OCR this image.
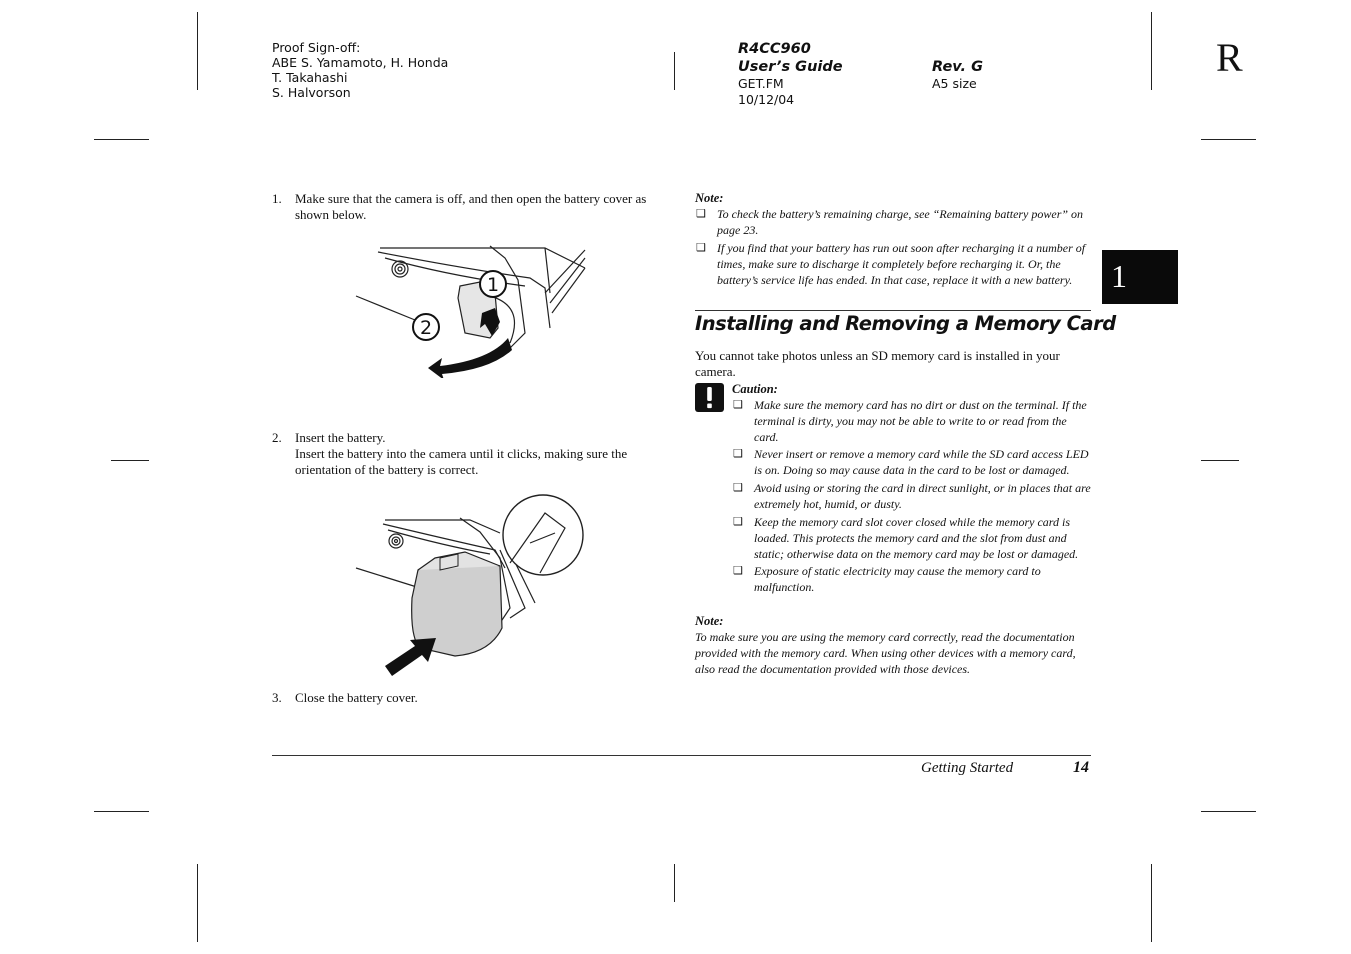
Proof Sign-off:
ABE S. Yamamoto, H. Honda
T. Takahashi
S. Halvorson
R4CC960
User’s Guide
GET.FM
10/12/04
Rev. G
A5 size
R
1
1. Make sure that the camera is off, and then open the battery cover as shown below.
1
2
2. Insert the battery.
Insert the battery into the camera until it clicks, making sure the orientation of the battery is correct.
3. Close the battery cover.
Note:
❑ To check the battery’s remaining charge, see “Remaining battery power” on page 23.
❑ If you find that your battery has run out soon after recharging it a number of times, make sure to discharge it completely before recharging it. Or, the battery’s service life has ended. In that case, replace it with a new battery.
Installing and Removing a Memory Card
You cannot take photos unless an SD memory card is installed in your camera.
Caution:
❑ Make sure the memory card has no dirt or dust on the terminal. If the terminal is dirty, you may not be able to write to or read from the card.
❑ Never insert or remove a memory card while the SD card access LED is on. Doing so may cause data in the card to be lost or damaged.
❑ Avoid using or storing the card in direct sunlight, or in places that are extremely hot, humid, or dusty.
❑ Keep the memory card slot cover closed while the memory card is loaded. This protects the memory card and the slot from dust and static; otherwise data on the memory card may be lost or damaged.
❑ Exposure of static electricity may cause the memory card to malfunction.
Note:
To make sure you are using the memory card correctly, read the documentation provided with the memory card. When using other devices with a memory card, also read the documentation provided with those devices.
Getting Started	14
